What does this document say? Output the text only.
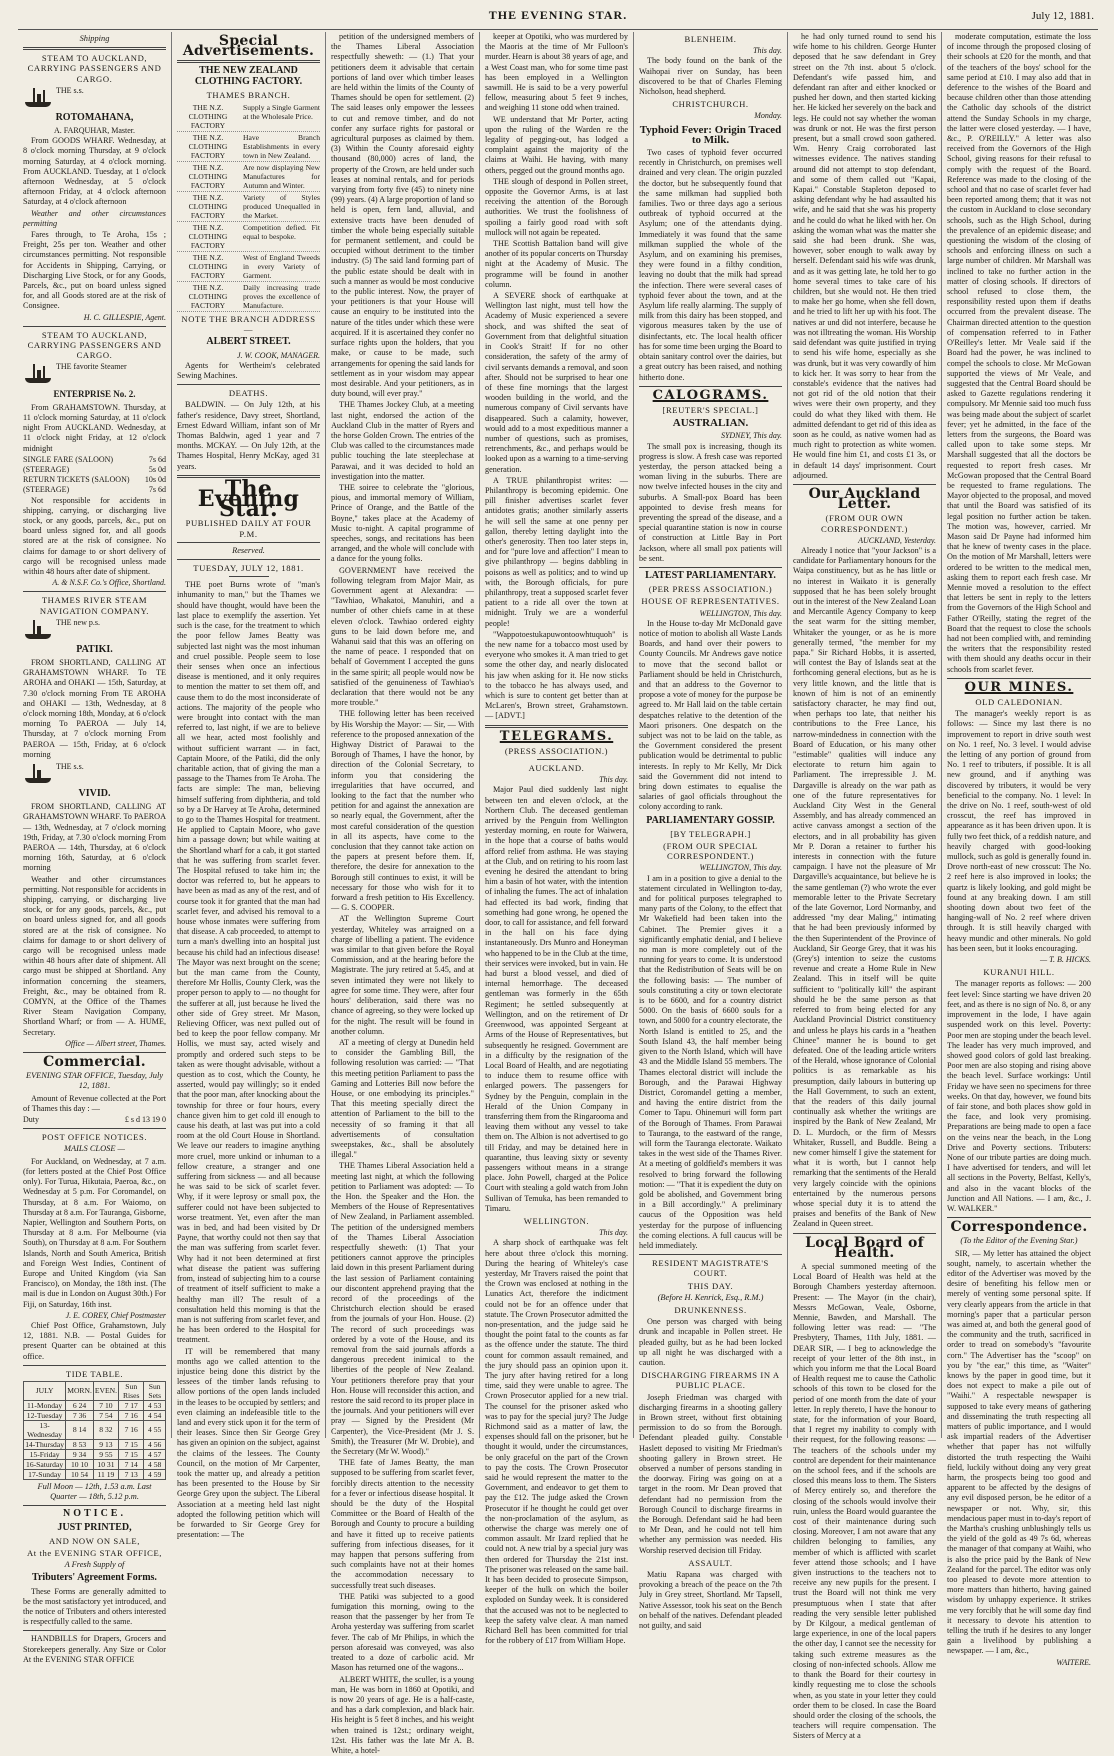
THE EVENING STAR.	July 12, 1881.
Shipping
STEAM TO AUCKLAND, CARRYING PASSENGERS AND CARGO.
THE s.s.
ROTOMAHANA,
A. FARQUHAR, Master.

From GOODS WHARF. Wednesday, at 8 o'clock morning Thursday, at 9 o'clock morning Saturday, at 4 o'clock morning. From AUCKLAND. Tuesday, at 1 o'clock afternoon Wednesday, at 5 o'clock afternoon Friday, at 4 o'clock afternoon Saturday, at 4 o'clock afternoon

Weather and other circumstances permitting

Fares through, to Te Aroha, 15s ; Freight, 25s per ton. Weather and other circumstances permitting. Not responsible for Accidents in Shipping, Carrying, or Discharging Live Stock, or for any Goods, Parcels, &c., put on board unless signed for, and all Goods stored are at the risk of Consignee.

H. C. GILLESPIE, Agent.
STEAM TO AUCKLAND, CARRYING PASSENGERS AND CARGO.
THE favorite Steamer
ENTERPRISE No. 2.

From GRAHAMSTOWN. Thursday, at 11 o'clock morning Saturday, at 11 o'clock night From AUCKLAND. Wednesday, at 11 o'clock night Friday, at 12 o'clock midnight

SINGLE FARE (SALOON)	7s 6d
(STEERAGE)	5s 0d
RETURN TICKETS (SALOON) 10s 0d
(STEERAGE)	7s 6d

Not responsible for accidents in shipping, carrying, or discharging live stock, or any goods, parcels, &c., put on board unless signed for, and all goods stored are at the risk of consignee. No claims for damage to or short delivery of cargo will be recognised unless made within 48 hours after date of shipment.

A. & N.S.F. Co.'s Office, Shortland.
THAMES RIVER STEAM NAVIGATION COMPANY.
THE new p.s.
PATIKI.

FROM SHORTLAND, CALLING AT GRAHAMSTOWN WHARF. To TE AROHA and OHAKI — 15th, Saturday, at 7.30 o'clock morning From TE AROHA and OHAKI — 13th, Wednesday, at 8 o'clock morning 18th, Monday, at 6 o'clock morning To PAEROA — July 14, Thursday, at 7 o'clock morning From PAEROA — 15th, Friday, at 6 o'clock morning

THE s.s.
VIVID.

FROM SHORTLAND, CALLING AT GRAHAMSTOWN WHARF. To PAEROA — 13th, Wednesday, at 7 o'clock morning 19th, Friday, at 7.30 o'clock morning From PAEROA — 14th, Thursday, at 6 o'clock morning 16th, Saturday, at 6 o'clock morning

Weather and other circumstances permitting. Not responsible for accidents in shipping, carrying, or discharging live stock, or for any goods, parcels, &c., put on board unless signed for, and all goods stored are at the risk of consignee. No claims for damage to or short delivery of cargo will be recognised unless made within 48 hours after date of shipment. All cargo must be shipped at Shortland. Any information concerning the steamers, Freight, &c., may be obtained from R. COMYN, at the Office of the Thames River Steam Navigation Company, Shortland Wharf; or from — A. HUME, Secretary.

Office — Albert street, Thames.
Commercial.
EVENING STAR OFFICE, Tuesday, July 12, 1881.

Amount of Revenue collected at the Port of Thames this day : —

Duty	£ s d 13 19 0
POST OFFICE NOTICES.
MAILS CLOSE —

For Auckland, on Wednesday, at 7 a.m. (for letters posted at the Chief Post Office only). For Turua, Hikutaia, Paeroa, &c., on Wednesday at 5 p.m. For Coromandel, on Thursday, at 8 a.m. For Waiomo, on Thursday at 8 a.m. For Tauranga, Gisborne, Napier, Wellington and Southern Ports, on Thursday at 8 a.m. For Melbourne (via South), on Thursday at 8 a.m. For Southern Islands, North and South America, British and Foreign West Indies, Continent of Europe and United Kingdom (via San Francisco), on Monday, the 18th inst. (The mail is due in London on August 30th.) For Fiji, on Saturday, 16th inst.

J. E. COREY, Chief Postmaster

Chief Post Office, Grahamstown, July 12, 1881. N.B. — Postal Guides for present Quarter can be obtained at this office.

TIDE TABLE.
JULY	MORN.	EVEN.	Sun Rises	Sun Sets
11-Monday	6 24	7 10	7 17	4 53
12-Tuesday	7 36	7 54	7 16	4 54
13-Wednesday	8 14	8 32	7 16	4 55
14-Thursday	8 53	9 13	7 15	4 56
15-Friday	9 34	9 55	7 15	4 57
16-Saturday	10 10	10 31	7 14	4 58
17-Sunday	10 54	11 19	7 13	4 59
Full Moon — 12th, 1.53 a.m. Last Quarter — 18th, 5.12 p.m.
NOTICE.
JUST PRINTED,
AND NOW ON SALE,
At the EVENING STAR OFFICE,
A Fresh Supply of
Tributers' Agreement Forms.

These Forms are generally admitted to be the most satisfactory yet introduced, and the notice of Tributers and others interested is respectfully called to the same.

HANDBILLS for Drapers, Grocers and Storekeepers generally. Any Size or Color At the EVENING STAR OFFICE

Special Advertisements.
THE NEW ZEALAND CLOTHING FACTORY.
THAMES BRANCH.
THE N.Z. CLOTHING FACTORY
Supply a Single Garment at the Wholesale Price.
THE N.Z. CLOTHING FACTORY
Have Branch Establishments in every town in New Zealand.
THE N.Z. CLOTHING FACTORY
Are now displaying New Manufactures for Autumn and Winter.
THE N.Z. CLOTHING FACTORY
Variety of Styles produced Unequalled in the Market.
THE N.Z. CLOTHING FACTORY
Competition defied. Fit equal to bespoke.
THE N.Z. CLOTHING FACTORY
West of England Tweeds in every Variety of Garment.
THE N.Z. CLOTHING FACTORY
Daily increasing trade proves the excellence of Manufacture.
NOTE THE BRANCH ADDRESS —
ALBERT STREET.
J. W. COOK, MANAGER.

Agents for Wertheim's celebrated Sewing Machines.

DEATHS.

BALDWIN. — On July 12th, at his father's residence, Davy street, Shortland, Ernest Edward William, infant son of Mr Thomas Baldwin, aged 1 year and 7 months. MCKAY. — On July 12th, at the Thames Hospital, Henry McKay, aged 31 years.

The Evening Star.
PUBLISHED DAILY AT FOUR P.M.
Reserved.
TUESDAY, JULY 12, 1881.

THE poet Burns wrote of "man's inhumanity to man," but the Thames we should have thought, would have been the last place to exemplify the assertion. Yet such is the case, for the treatment to which the poor fellow James Beatty was subjected last night was the most inhuman and cruel possible. People seem to lose their senses when once an infectious disease is mentioned, and it only requires to mention the matter to set them off, and cause them to do the most inconsiderate of actions. The majority of the people who were brought into contact with the man referred to, last night, if we are to believe all we hear, acted most foolishly and without sufficient warrant — in fact, Captain Moore, of the Patiki, did the only charitable action, that of giving the man a passage to the Thames from Te Aroha. The facts are simple: The man, believing himself suffering from diphtheria, and told so by a Dr Harvey at Te Aroha, determined to go to the Thames Hospital for treatment. He applied to Captain Moore, who gave him a passage down; but while waiting at the Shortland wharf for a cab, it got started that he was suffering from scarlet fever. The Hospital refused to take him in; the doctor was referred to, but he appears to have been as mad as any of the rest, and of course took it for granted that the man had scarlet fever, and advised his removal to a house whose inmates were suffering from that disease. A cab proceeded, to attempt to turn a man's dwelling into an hospital just because his child had an infectious disease! The Mayor was next brought on the scene; but the man came from the County, therefore Mr Hollis, County Clerk, was the proper person to apply to — no thought for the sufferer at all, just because he lived the other side of Grey street. Mr Mason, Relieving Officer, was next pulled out of bed to keep the poor fellow company. Mr Hollis, we must say, acted wisely and promptly and ordered such steps to be taken as were thought advisable, without a question as to cost, which the County, he asserted, would pay willingly; so it ended that the poor man, after knocking about the township for three or four hours, every chance given him to get cold ill enough to cause his death, at last was put into a cold room at the old Court House in Shortland. We leave our readers to imagine anything more cruel, more unkind or inhuman to a fellow creature, a stranger and one suffering from sickness — and all because he was said to be sick of scarlet fever. Why, if it were leprosy or small pox, the sufferer could not have been subjected to worse treatment. Yet, even after the man was in bed, and had been visited by Dr Payne, that worthy could not then say that the man was suffering from scarlet fever. Why had it not been determined at first what disease the patient was suffering from, instead of subjecting him to a course of treatment of itself sufficient to make a healthy man ill? The result of a consultation held this morning is that the man is not suffering from scarlet fever, and he has been ordered to the Hospital for treatment.

IT will be remembered that many months ago we called attention to the injustice being done this district by the lessees of the timber lands refusing to allow portions of the open lands included in the leases to be occupied by settlers; and even claiming an indefeasible title to the land and every stick upon it for the term of their leases. Since then Sir George Grey has given an opinion on the subject, against the claims of the lessees. The County Council, on the motion of Mr Carpenter, took the matter up, and already a petition has been presented to the House by Sir George Grey upon the subject. The Liberal Association at a meeting held last night adopted the following petition which will be forwarded to Sir George Grey for presentation: — The

petition of the undersigned members of the Thames Liberal Association respectfully sheweth: — (1.) That your petitioners deem it advisable that certain portions of land over which timber leases are held within the limits of the County of Thames should be open for settlement. (2) The said leases only empower the lessees to cut and remove timber, and do not confer any surface rights for pastoral or agricultural purposes as claimed by them. (3) Within the County aforesaid eighty thousand (80,000) acres of land, the property of the Crown, are held under such leases at nominal rentals, and for periods varying from forty five (45) to ninety nine (99) years. (4) A large proportion of land so held is open, fern land, alluvial, and extensive tracts have been denuded of timber the whole being especially suitable for permanent settlement, and could be occupied without detriment to the timber industry. (5) The said land forming part of the public estate should be dealt with in such a manner as would be most conducive to the public interest. Now, the prayer of your petitioners is that your House will cause an enquiry to be instituted into the nature of the titles under which these were acquired. If it is ascertained they confer no surface rights upon the holders, that you make, or cause to be made, such arrangements for opening the said lands for settlement as in your wisdom may appear most desirable. And your petitioners, as in duty bound, will ever pray."

THE Thames Jockey Club, at a meeting last night, endorsed the action of the Auckland Club in the matter of Ryers and the horse Golden Crown. The entries of the Club was called to the circumstances made public touching the late steeplechase at Parawai, and it was decided to hold an investigation into the matter.

THE soiree to celebrate the "glorious, pious, and immortal memory of William, Prince of Orange, and the Battle of the Boyne," takes place at the Academy of Music to-night. A capital programme of speeches, songs, and recitations has been arranged, and the whole will conclude with a dance for the young folks.

GOVERNMENT have received the following telegram from Major Mair, as Government agent at Alexandra: — "Tawhiao, Whakatoi, Manuhiri, and a number of other chiefs came in at these eleven o'clock. Tawhiao ordered eighty guns to be laid down before me, and Wahanui said that this was an offering on the name of peace. I responded that on behalf of Government I accepted the guns in the same spirit; all people would now be satisfied of the genuineness of Tawhiao's declaration that there would not be any more trouble."

THE following letter has been received by His Worship the Mayor: — Sir, — With reference to the proposed annexation of the Highway District of Parawai to the Borough of Thames, I have the honor, by direction of the Colonial Secretary, to inform you that considering the irregularities that have occurred, and looking to the fact that the number who petition for and against the annexation are so nearly equal, the Government, after the most careful consideration of the question in all its aspects, have come to the conclusion that they cannot take action on the papers at present before them. If, therefore, the desire for annexation to the Borough still continues to exist, it will be necessary for those who wish for it to forward a fresh petition to His Excellency. — G. S. COOPER.

AT the Wellington Supreme Court yesterday, Whiteley was arraigned on a charge of libelling a patient. The evidence was similar to that given before the Royal Commission, and at the hearing before the Magistrate. The jury retired at 5.45, and at seven intimated they were not likely to agree for some time. They were, after four hours' deliberation, said there was no chance of agreeing, so they were locked up for the night. The result will be found in another column.

AT a meeting of clergy at Dunedin held to consider the Gambling Bill, the following resolution was carried: — "That this meeting petition Parliament to pass the Gaming and Lotteries Bill now before the House, or one embodying its principles." That this meeting specially direct the attention of Parliament to the bill to the necessity of so framing it that all advertisements of consultation sweepstakes, &c., shall be absolutely illegal."

THE Thames Liberal Association held a meeting last night, at which the following petition to Parliament was adopted: — To the Hon. the Speaker and the Hon. the Members of the House of Representatives of New Zealand, in Parliament assembled. The petition of the undersigned members of the Thames Liberal Association respectfully sheweth: (1) That your petitioners cannot approve the principles laid down in this present Parliament during the last session of Parliament containing our discontent apprehend praying that the record of the proceedings of the Christchurch election should be erased from the journals of your Hon. House. (2) The record of such proceedings was ordered by a vote of the House, and its removal from the said journals affords a dangerous precedent inimical to the liberties of the people of New Zealand. Your petitioners therefore pray that your Hon. House will reconsider this action, and restore the said record to its proper place in the journals. And your petitioners will ever pray — Signed by the President (Mr Carpenter), the Vice-President (Mr J. S. Smith), the Treasurer (Mr W. Drobie), and the Secretary (Mr W. Wood)."

THE fate of James Beatty, the man supposed to be suffering from scarlet fever, forcibly directs attention to the necessity for a fever or infectious disease hospital. It should be the duty of the Hospital Committee or the Board of Health of the Borough and County to procure a building and have it fitted up to receive patients suffering from infectious diseases, for it may happen that persons suffering from such complaints have not at their homes the accommodation necessary to successfully treat such diseases.

THE Patiki was subjected to a good fumigation this morning, owing to the reason that the passenger by her from Te Aroha yesterday was suffering from scarlet fever. The cab of Mr Philips, in which the person aforesaid was conveyed, was also treated to a doze of carbolic acid. Mr Mason has returned one of the wagons...

ALBERT WHITE, the sculler, is a young man, He was born in 1860 at Opotiki, and is now 20 years of age. He is a half-caste, and has a dark complexion, and black hair. His height is 5 feet 8 inches, and his weight when trained is 12st.; ordinary weight, 12st. His father was the late Mr A. B. White, a hotel-

keeper at Opotiki, who was murdered by the Maoris at the time of Mr Fulloon's murder. Hearn is about 38 years of age, and a West Coast man, who for some time past has been employed in a Wellington sawmill. He is said to be a very powerful fellow, measuring about 5 feet 9 inches, and weighing 11 stone odd when trained.

WE understand that Mr Porter, acting upon the ruling of the Warden re the legality of pegging-out, has lodged a complaint against the majority of the claims at Waihi. He having, with many others, pegged out the ground months ago.

THE slough of despond in Pollen street, opposite the Governor Arms, is at last receiving the attention of the Borough authorities. We trust the foolishness of spoiling a fairly good road with soft mullock will not again be repeated.

THE Scottish Battalion band will give another of its popular concerts on Thursday night at the Academy of Music. The programme will be found in another column.

A SEVERE shock of earthquake at Wellington last night, must tell how the Academy of Music experienced a severe shock, and was shifted the seat of Government from that delightful situation in Cook's Strait! If for no other consideration, the safety of the army of civil servants demands a removal, and soon after. Should not be surprised to hear one of these fine mornings that the largest wooden building in the world, and the numerous company of Civil servants have disappeared. Such a calamity, however, would add to a most expeditious manner a number of questions, such as promises, retrenchments, &c., and perhaps would be looked upon as a warning to a time-serving generation.

A TRUE philanthropist writes: — Philanthropy is becoming epidemic. One pill finisher advertises scarlet fever antidotes gratis; another similarly asserts he will sell the same at one penny per gallon, thereby letting daylight into the other's generosity. Then too later steps in, and for "pure love and affection" I mean to give philanthropy — begins dabbling in poisons as well as politics; and to wind up with, the Borough officials, for pure philanthropy, treat a supposed scarlet fever patient to a ride all over the town at midnight. Truly we are a wonderful people!

"Wappotoestukapuwontoowhtuquoh" is the new name for a tobacco most used by everyone who smokes it. A man tried to get some the other day, and nearly dislocated his jaw when asking for it. He now sticks to the tobacco he has always used, and which is sure to content get better than at McLaren's, Brown street, Grahamstown. — [ADVT.]

TELEGRAMS.
(PRESS ASSOCIATION.)
AUCKLAND.
This day.

Major Paul died suddenly last night between ten and eleven o'clock, at the Northern Club. The deceased gentleman arrived by the Penguin from Wellington yesterday morning, en route for Waiwera, in the hope that a course of baths would afford relief from asthma. He was staying at the Club, and on retiring to his room last evening he desired the attendant to bring him a basin of hot water, with the intention of inhaling the fumes. The act of inhalation had effected its bad work, finding that something had gone wrong, he opened the door, to call for assistance, and fell forward in the hall on his face dying instantaneously. Drs Munro and Honeyman who happened to be in the Club at the time, their services were invoked, but in vain. He had burst a blood vessel, and died of internal hemorrhage. The deceased gentleman was formerly in the 65th Regiment; he settled subsequently at Wellington, and on the retirement of Dr Greenwood, was appointed Sergeant at Arms of the House of Representatives, but subsequently he resigned. Government are in a difficulty by the resignation of the Local Board of Health, and are negotiating to induce them to resume office with enlarged powers. The passengers for Sydney by the Penguin, complain in the Herald of the Union Company in transferring them from the Ringarooma and leaving them without any vessel to take them on. The Albion is not advertised to go till Friday, and may be detained here in quarantine, thus leaving sixty or seventy passengers without means in a strange place. John Powell, charged at the Police Court with stealing a gold watch from John Sullivan of Temuka, has been remanded to Timaru.

WELLINGTON.
This day.

A sharp shock of earthquake was felt here about three o'clock this morning. During the hearing of Whiteley's case yesterday, Mr Travers raised the point that the Crown was enclosed at nothing in the Lunatics Act, therefore the indictment could not be for an offence under that statute. The Crown Prosecutor admitted the non-presentation, and the judge said he thought the point fatal to the counts as far as the offence under the statute. The third count for common assault remained, and the jury should pass an opinion upon it. The jury after having retired for a long time, said they were unable to agree. The Crown Prosecutor applied for a new trial. The counsel for the prisoner asked who was to pay for the special jury? The Judge Richmond said as a matter of law, the expenses should fall on the prisoner, but he thought it would, under the circumstances, be only graceful on the part of the Crown to pay the costs. The Crown Prosecutor said he would represent the matter to the Government, and endeavor to get them to pay the £12. The judge asked the Crown Prosecutor if he thought he could get over the non-proclamation of the asylum, as otherwise the charge was merely one of common assault. Mr Izard replied that he could not. A new trial by a special jury was then ordered for Thursday the 21st inst. The prisoner was released on the same bail. It has been decided to prosecute Simpson, keeper of the hulk on which the boiler exploded on Sunday week. It is considered that the accused was not to be neglected to keep the safety valve clear. A man named Richard Bell has been committed for trial for the robbery of £17 from William Hope.

BLENHEIM.
This day.

The body found on the bank of the Waihopai river on Sunday, has been discovered to be that of Charles Fleming Nicholson, head shepherd.

CHRISTCHURCH.
Monday.
Typhoid Fever: Origin Traced to Milk.

Two cases of typhoid fever occurred recently in Christchurch, on premises well drained and very clean. The origin puzzled the doctor, but he subsequently found that the same milkman had supplied both families. Two or three days ago a serious outbreak of typhoid occurred at the Asylum; one of the attendants dying. Immediately it was found that the same milkman supplied the whole of the Asylum, and on examining his premises, they were found in a filthy condition, leaving no doubt that the milk had spread the infection. There were several cases of typhoid fever about the town, and at the Asylum life really alarming. The supply of milk from this dairy has been stopped, and vigorous measures taken by the use of disinfectants, etc. The local health officer has for some time been urging the Board to obtain sanitary control over the dairies, but a great outcry has been raised, and nothing hitherto done.

CALOGRAMS.
[REUTER'S SPECIAL.]
AUSTRALIAN.
SYDNEY, This day.

The small pox is increasing, though its progress is slow. A fresh case was reported yesterday, the person attacked being a woman living in the suburbs. There are now twelve infected houses in the city and suburbs. A Small-pox Board has been appointed to devise fresh means for preventing the spread of the disease, and a special quarantine station is now in course of construction at Little Bay in Port Jackson, where all small pox patients will be sent.

LATEST PARLIAMENTARY.
(PER PRESS ASSOCIATION.)
HOUSE OF REPRESENTATIVES.
WELLINGTON, This day.

In the House to-day Mr McDonald gave notice of motion to abolish all Waste Lands Boards, and hand over their powers to County Councils. Mr Andrews gave notice to move that the second ballot or Parliament should be held in Christchurch, and that an address to the Governor to propose a vote of money for the purpose be agreed to. Mr Hall laid on the table certain despatches relative to the detention of the Maori prisoners. One despatch on the subject was not to be laid on the table, as the Government considered the present publication would be detrimental to public interests. In reply to Mr Kelly, Mr Dick said the Government did not intend to bring down estimates to equalise the salaries of gaol officials throughout the colony according to rank.

PARLIAMENTARY GOSSIP.
[BY TELEGRAPH.]
(FROM OUR SPECIAL CORRESPONDENT.)
WELLINGTON, This day.

I am in a position to give a denial to the statement circulated in Wellington to-day, and for political purposes telegraphed to many parts of the Colony, to the effect that Mr Wakefield had been taken into the Cabinet. The Premier gives it a significantly emphatic denial, and I believe no man is more completely out of the running for years to come. It is understood that the Redistribution of Seats will be on the following basis: — The number of souls constituting a city or town electorate is to be 6600, and for a country district 5000. On the basis of 6600 souls for a town, and 5000 for a country electorate, the North Island is entitled to 25, and the South Island 43, the half member being given to the North Island, which will have 43 and the Middle Island 55 members. The Thames electoral district will include the Borough, and the Parawai Highway District, Coromandel getting a member, and having the entire district from the Comer to Tapu. Ohinemuri will form part of the Borough of Thames. From Parawai to Tauranga, to the eastward of the range, will form the Tauranga electorate. Waikato takes in the west side of the Thames River. At a meeting of goldfield's members it was resolved to bring forward the following motion: — "That it is expedient the duty on gold be abolished, and Government bring in a Bill accordingly." A preliminary caucus of the Opposition was held yesterday for the purpose of influencing the coming elections. A full caucus will be held immediately.

RESIDENT MAGISTRATE'S COURT.
THIS DAY.
(Before H. Kenrick, Esq., R.M.)
DRUNKENNESS.

One person was charged with being drunk and incapable in Pollen street. He pleaded guilty, but as he had been locked up all night he was discharged with a caution.

DISCHARGING FIREARMS IN A PUBLIC PLACE.

Joseph Friedman was charged with discharging firearms in a shooting gallery in Brown street, without first obtaining permission to do so from the Borough. Defendant pleaded guilty. Constable Haslett deposed to visiting Mr Friedman's shooting gallery in Brown street. He observed a number of persons standing in the doorway. Firing was going on at a target in the room. Mr Dean proved that defendant had no permission from the Borough Council to discharge firearms in the Borough. Defendant said he had been to Mr Dean, and he could not tell him whether any permission was needed. His Worship reserved decision till Friday.

ASSAULT.

Matiu Rapana was charged with provoking a breach of the peace on the 7th July in Grey street, Shortland. Mr Tapsell, Native Assessor, took his seat on the Bench on behalf of the natives. Defendant pleaded not guilty, and said

he had only turned round to send his wife home to his children. George Hunter deposed that he saw defendant in Grey street on the 7th inst. about 5 o'clock. Defendant's wife passed him, and defendant ran after and either knocked or pushed her down, and then started kicking her. He kicked her severely on the back and legs. He could not say whether the woman was drunk or not. He was the first person present, but a small crowd soon gathered. Wm. Henry Craig corroborated last witnesses evidence. The natives standing around did not attempt to stop defendant, and some of them called out "Kapai, Kapai." Constable Stapleton deposed to asking defendant why he had assaulted his wife, and he said that she was his property and he could do what he liked with her. On asking the woman what was the matter she said she had been drunk. She was, however, sober enough to walk away by herself. Defendant said his wife was drunk, and as it was getting late, he told her to go home several times to take care of his children, but she would not. He then tried to make her go home, when she fell down, and he tried to lift her up with his foot. The natives ar und did not interfere, because he was not illtreating the woman. His Worship said defendant was quite justified in trying to send his wife home, especially as she was drunk, but it was very cowardly of him to kick her. It was sorry to hear from the constable's evidence that the natives had not got rid of the old notion that their wives were their own property, and they could do what they liked with them. He admitted defendant to get rid of this idea as soon as he could, as native women had as much right to protection as white women. He would fine him £1, and costs £1 3s, or in default 14 days' imprisonment. Court adjourned.

Our Auckland Letter.
(FROM OUR OWN CORRESPONDENT.)
AUCKLAND, Yesterday.

Already I notice that "your Jackson" is a candidate for Parliamentary honours for the Waipa constituency, but as he has little or no interest in Waikato it is generally supposed that he has been solely brought out in the interest of the New Zealand Loan and Mercantile Agency Company to keep the seat warm for the sitting member, Whitaker the younger, or as he is more generally termed, "the member for my papa." Sir Richard Hobbs, it is asserted, will contest the Bay of Islands seat at the forthcoming general elections, but as he is very little known, and the little that is known of him is not of an eminently satisfactory character, he may find out, when perhaps too late, that neither his contributions to the Free Lance, his narrow-mindedness in connection with the Board of Education, or his many other "estimable" qualities will induce any electorate to return him again to Parliament. The irrepressible J. M. Dargaville is already on the war path as one of the future representatives for Auckland City West in the General Assembly, and has already commenced an active canvass amongst a section of the electors, and in all probability has given Mr P. Doran a retainer to further his interests in connection with the future campaign. I have not the pleasure of Mr Dargaville's acquaintance, but believe he is the same gentleman (?) who wrote the ever memorable letter to the Private Secretary of the late Governor, Lord Normanby, and addressed "my dear Maling," intimating that he had been previously informed by the then Superintendent of the Province of Auckland, Sir George Grey, that it was his (Grey's) intention to seize the customs revenue and create a Home Rule in New Zealand. This in itself will be quite sufficient to "politically kill" the aspirant should he be the same person as that referred to from being elected for any Auckland Provincial District constituency and unless he plays his cards in a "heathen Chinee" manner he is bound to get defeated. One of the leading article writers of the Herald, whose ignorance of Colonial politics is as remarkable as his presumption, daily labours in buttering up the Hall Government, to such an extent, that the readers of this daily journal continually ask whether the writings are inspired by the Bank of New Zealand, Mr D. L. Murdoch, or the firm of Messrs Whitaker, Russell, and Buddle. Being a new comer himself I give the statement for what it is worth, but I cannot help remarking that the sentiments of the Herald very largely coincide with the opinions entertained by the numerous persons whose special duty it is to attend the praises and benefits of the Bank of New Zealand in Queen street.

Local Board of Health.

A special summoned meeting of the Local Board of Health was held at the Borough Chambers yesterday afternoon. Present: — The Mayor (in the chair), Messrs McGowan, Veale, Osborne, Mennie, Bawden, and Marshall. The following letter was read: — "The Presbytery, Thames, 11th July, 1881. — DEAR SIR, — I beg to acknowledge the receipt of your letter of the 8th inst., in which you inform me that the Local Board of Health request me to cause the Catholic schools of this town to be closed for the period of one month from the date of your letter. In reply thereto, I have the honour to state, for the information of your Board, that I regret my inability to comply with their request, for the following reasons: — The teachers of the schools under my control are dependent for their maintenance on the school fees, and if the schools are closed this means loss to them. The Sisters of Mercy entirely so, and therefore the closing of the schools would involve their ruin, unless the Board would guarantee the cost of their maintenance during such closing. Moreover, I am not aware that any children belonging to families, any member of which is afflicted with scarlet fever attend those schools; and I have given instructions to the teachers not to receive any new pupils for the present. I trust the Board will not think me very presumptuous when I state that after reading the very sensible letter published by Dr Kilgour, a medical gentleman of large experience, in one of the local papers the other day, I cannot see the necessity for taking such extreme measures as the closing of non-infected schools. Allow me to thank the Board for their courtesy in kindly requesting me to close the schools when, as you state in your letter they could order them to be closed. In case the Board should order the closing of the schools, the teachers will require compensation. The Sisters of Mercy at a

moderate computation, estimate the loss of income through the proposed closing of their schools at £20 for the month, and that of the teachers of the boys' school for the same period at £10. I may also add that in deference to the wishes of the Board and because children other than those attending the Catholic day schools of the district attend the Sunday Schools in my charge, the latter were closed yesterday. — I have, &c., P. O'REILLY." A letter was also received from the Governors of the High School, giving reasons for their refusal to comply with the request of the Board. Reference was made to the closing of the school and that no case of scarlet fever had been reported among them; that it was not the custom in Auckland to close secondary schools, such as the High School, during the prevalence of an epidemic disease; and questioning the wisdom of the closing of schools and enforcing illness on such a large number of children. Mr Marshall was inclined to take no further action in the matter of closing schools. If directors of school refused to close them, the responsibility rested upon them if deaths occurred from the prevalent disease. The Chairman directed attention to the question of compensation referred to in Father O'Reilley's letter. Mr Veale said if the Board had the power, he was inclined to compel the schools to close. Mr McGowan supported the views of Mr Veale, and suggested that the Central Board should be asked to Gazette regulations rendering it compulsory. Mr Mennie said too much fuss was being made about the subject of scarlet fever; yet he admitted, in the face of the letters from the surgeons, the Board was called upon to take some steps. Mr Marshall suggested that all the doctors be requested to report fresh cases. Mr McGowan proposed that the Central Board be requested to frame regulations. The Mayor objected to the proposal, and moved that until the Board was satisfied of its legal position no further action be taken. The motion was, however, carried. Mr Mason said Dr Payne had informed him that he knew of twenty cases in the place. On the motion of Mr Marshall, letters were ordered to be written to the medical men, asking them to report each fresh case. Mr Mennie moved a resolution to the effect that letters be sent in reply to the letters from the Governors of the High School and Father O'Reilly, stating the regret of the Board that the request to close the schools had not been complied with, and reminding the writers that the responsibility rested with them should any deaths occur in their schools from scarlet fever.

OUR MINES.
OLD CALEDONIAN.

The manager's weekly report is as follows: — Since my last there is no improvement to report in drive south west on No. 1 reef, No. 3 level. I would advise the letting of any portion of ground from No. 1 reef to tributers, if possible. It is all new ground, and if anything was discovered by tributers, it would be very beneficial to the company. No. 1 level: In the drive on No. 1 reef, south-west of old crosscut, the reef has improved in appearance as it has been driven upon. It is fully two feet thick, of a reddish nature, and heavily charged with good-looking mullock, such as gold is generally found in. Drove north-east of new crosscut: The No. 2 reef here is also improved in looks; the quartz is likely looking, and gold might be found at any breaking down. I am still shooting down about two feet of the hanging-wall of No. 2 reef where driven through. It is still heavily charged with heavy mundic and other minerals. No gold has been seen, but it looks encouraging.

— T. B. HICKS.
KURANUI HILL.

The manager reports as follows: — 200 feet level: Since starting we have driven 20 feet, and as there is no sign of No. 8, or any improvement in the lode, I have again suspended work on this level. Poverty: Poor men are stoping under the beach level. The leader has very much improved, and showed good colors of gold last breaking. Poor men are also stoping and rising above the beach level. Surface workings: Until Friday we have seen no specimens for three weeks. On that day, however, we found bits of fair stone, and both places show gold in the face, and look very promising. Preparations are being made to open a face on the veins near the beach, in the Long Drive and Poverty sections. Tributers: None of our tribute parties are doing much. I have advertised for tenders, and will let all sections in the Poverty, Belfast, Kelly's, and also in the vacant blocks of the Junction and All Nations. — I am, &c., J. W. WALKER."

Correspondence.
(To the Editor of the Evening Star.)

SIR, — My letter has attained the object sought, namely, to ascertain whether the editor of the Advertiser was moved by the desire of benefiting his fellow men or merely of venting some personal spite. If very clearly appears from the article in that morning's paper that a particular person was aimed at, and both the general good of the community and the truth, sacrificed in order to tread on somebody's "favourite corn." The Advertiser has the "scoop" on you by "the ear," this time, as "Waiter" knows by the paper in good time, but it does not expect to make a pile out of "Waihi." A respectable newspaper is supposed to take every means of gathering and disseminating the truth respecting all matters of public importance, and I would ask impartial readers of the Advertiser whether that paper has not wilfully distorted the truth respecting the Waihi field, luckily without doing any very great harm, the prospects being too good and apparent to be affected by the designs of any evil disposed person, be he editor of a newspaper or not. Why, sir, this mendacious paper must in to-day's report of the Martha's crushing unblushingly tells us the yield of the gold as 49 7s 6d, whereas the manager of that company at Waihi, who is also the price paid by the Bank of New Zealand for the parcel. The editor was only too pleased to devote more attention to more matters than hitherto, having gained wisdom by unhappy experience. It strikes me very forcibly that he will some day find it necessary to devote his attention to telling the truth if he desires to any longer gain a livelihood by publishing a newspaper. — I am, &c.,

WAITERE.
